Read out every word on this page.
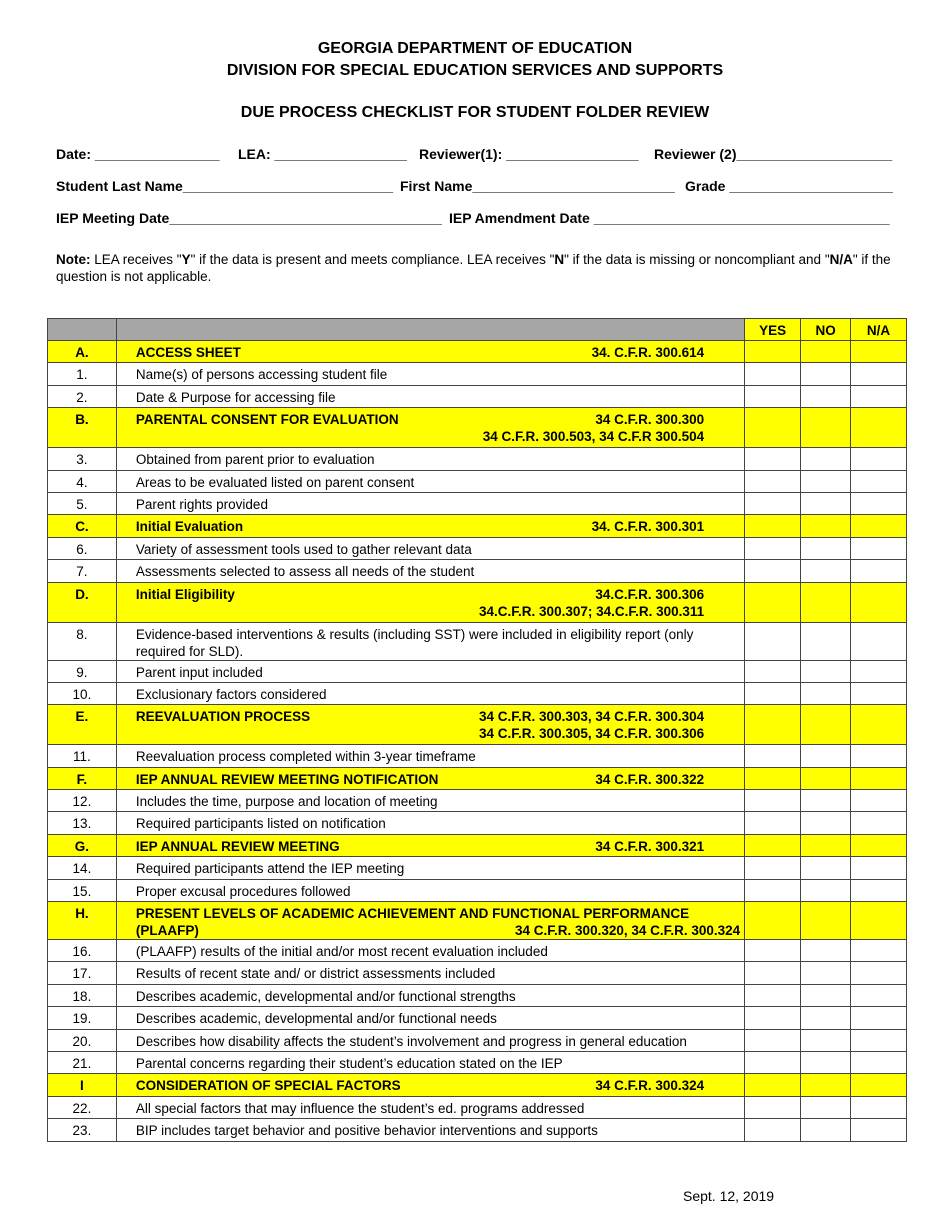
GEORGIA DEPARTMENT OF EDUCATION
DIVISION FOR SPECIAL EDUCATION SERVICES AND SUPPORTS
DUE PROCESS CHECKLIST FOR STUDENT FOLDER REVIEW
Date: ________________ LEA: _________________ Reviewer(1): _________________ Reviewer (2)____________________
Student Last Name___________________________ First Name__________________________ Grade _____________________
IEP Meeting Date___________________________________ IEP Amendment Date ______________________________________
Note: LEA receives "Y" if the data is present and meets compliance. LEA receives "N" if the data is missing or noncompliant and "N/A" if the question is not applicable.
		YES	NO	N/A
A.	ACCESS SHEET 34. C.F.R. 300.614			

1.	Name(s) of persons accessing student file			
2.	Date & Purpose for accessing file			
B.	PARENTAL CONSENT FOR EVALUATION 34 C.F.R. 300.300
34 C.F.R. 300.503, 34 C.F.R 300.504			

3.	Obtained from parent prior to evaluation			
4.	Areas to be evaluated listed on parent consent			
5.	Parent rights provided			
C.	Initial Evaluation 34. C.F.R. 300.301			

6.	Variety of assessment tools used to gather relevant data			
7.	Assessments selected to assess all needs of the student			
D.	Initial Eligibility 34.C.F.R. 300.306
34.C.F.R. 300.307; 34.C.F.R. 300.311			

8.	Evidence-based interventions & results (including SST) were included in eligibility report (only required for SLD).			
9.	Parent input included			
10.	Exclusionary factors considered			
E.	REEVALUATION PROCESS 34 C.F.R. 300.303, 34 C.F.R. 300.304
34 C.F.R. 300.305, 34 C.F.R. 300.306			

11.	Reevaluation process completed within 3-year timeframe			
F.	IEP ANNUAL REVIEW MEETING NOTIFICATION 34 C.F.R. 300.322			

12.	Includes the time, purpose and location of meeting			
13.	Required participants listed on notification			
G.	IEP ANNUAL REVIEW MEETING 34 C.F.R. 300.321			

14.	Required participants attend the IEP meeting			
15.	Proper excusal procedures followed			
H.	PRESENT LEVELS OF ACADEMIC ACHIEVEMENT AND FUNCTIONAL PERFORMANCE
(PLAAFP) 34 C.F.R. 300.320, 34 C.F.R. 300.324			

16.	(PLAAFP) results of the initial and/or most recent evaluation included			
17.	Results of recent state and/ or district assessments included			
18.	Describes academic, developmental and/or functional strengths			
19.	Describes academic, developmental and/or functional needs			
20.	Describes how disability affects the student’s involvement and progress in general education			
21.	Parental concerns regarding their student’s education stated on the IEP			
I	CONSIDERATION OF SPECIAL FACTORS 34 C.F.R. 300.324			

22.	All special factors that may influence the student’s ed. programs addressed			
23.	BIP includes target behavior and positive behavior interventions and supports			
Sept. 12, 2019
